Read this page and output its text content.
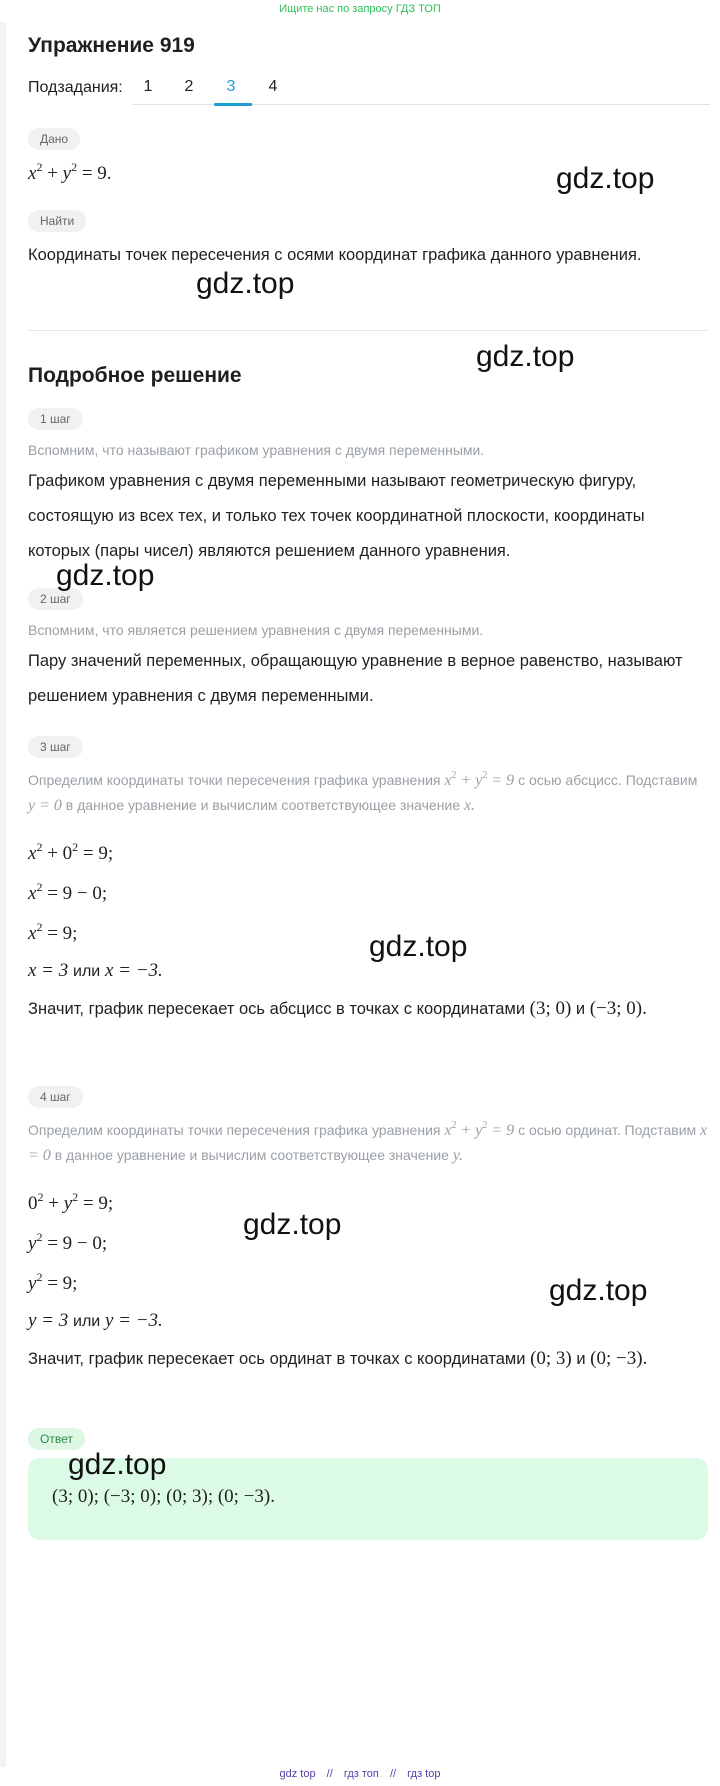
Ищите нас по запросу ГДЗ ТОП
Упражнение 919
Подзадания:	1	2	3	4
Дано
$x^2 + y^2 = 9$.
Найти
Координаты точек пересечения с осями координат графика данного уравнения.
Подробное решение
1 шаг
Вспомним, что называют графиком уравнения с двумя переменными.
Графиком уравнения с двумя переменными называют геометрическую фигуру, состоящую из всех тех, и только тех точек координатной плоскости, координаты которых (пары чисел) являются решением данного уравнения.
2 шаг
Вспомним, что является решением уравнения с двумя переменными.
Пару значений переменных, обращающую уравнение в верное равенство, называют решением уравнения с двумя переменными.
3 шаг
Определим координаты точки пересечения графика уравнения $x^2 + y^2 = 9$ с осью абсцисс. Подставим y = 0 в данное уравнение и вычислим соответствующее значение x.
$x^2 + 0^2 = 9$;
$x^2 = 9 - 0$;
$x^2 = 9$;
x = 3 или x = −3.
Значит, график пересекает ось абсцисс в точках с координатами (3; 0) и (−3; 0).
4 шаг
Определим координаты точки пересечения графика уравнения $x^2 + y^2 = 9$ с осью ординат. Подставим x = 0 в данное уравнение и вычислим соответствующее значение y.
$0^2 + y^2 = 9$;
$y^2 = 9 - 0$;
$y^2 = 9$;
y = 3 или y = −3.
Значит, график пересекает ось ординат в точках с координатами (0; 3) и (0; −3).
Ответ
(3; 0); (−3; 0); (0; 3); (0; −3).
gdz.top
gdz.top
gdz.top
gdz.top
gdz.top
gdz.top
gdz.top
gdz.top
gdz top // гдз топ // гдз top
